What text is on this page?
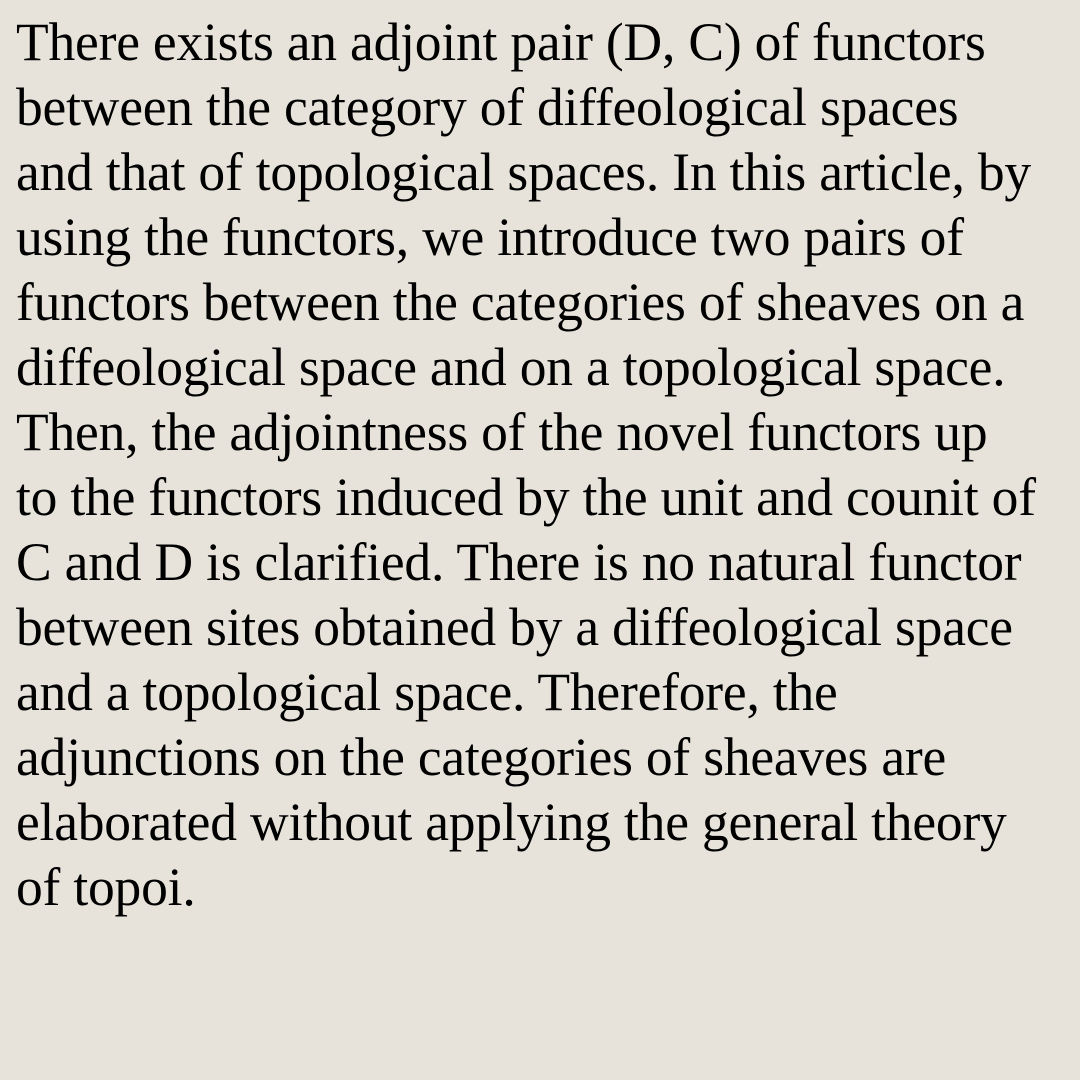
There exists an adjoint pair (D, C) of functors
between the category of diffeological spaces
and that of topological spaces. In this article, by
using the functors, we introduce two pairs of
functors between the categories of sheaves on a
diffeological space and on a topological space.
Then, the adjointness of the novel functors up
to the functors induced by the unit and counit of
C and D is clarified. There is no natural functor
between sites obtained by a diffeological space
and a topological space. Therefore, the
adjunctions on the categories of sheaves are
elaborated without applying the general theory
of topoi.
